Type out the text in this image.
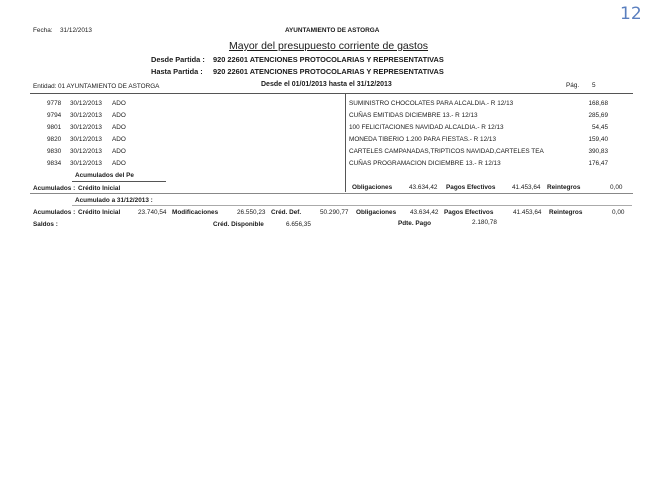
12
Fecha: 31/12/2013	AYUNTAMIENTO DE ASTORGA
Mayor del presupuesto corriente de gastos
Desde Partida : 920 22601 ATENCIONES PROTOCOLARIAS Y REPRESENTATIVAS
Hasta Partida : 920 22601 ATENCIONES PROTOCOLARIAS Y REPRESENTATIVAS
Entidad: 01 AYUNTAMIENTO DE ASTORGA	Desde el 01/01/2013 hasta el 31/12/2013	Pág. 5
9778 30/12/2013 ADO	SUMINISTRO CHOCOLATES PARA ALCALDIA.- R 12/13	168,68
9794 30/12/2013 ADO	CUÑAS EMITIDAS DICIEMBRE 13.- R 12/13	285,69
9801 30/12/2013 ADO	100 FELICITACIONES NAVIDAD ALCALDIA.- R 12/13	54,45
9820 30/12/2013 ADO	MONEDA TIBERIO 1.200 PARA FIESTAS.- R 12/13	159,40
9830 30/12/2013 ADO	CARTELES CAMPANADAS,TRIPTICOS NAVIDAD,CARTELES TEA	390,83
9834 30/12/2013 ADO	CUÑAS PROGRAMACION DICIEMBRE 13.- R 12/13	176,47
Acumulados del Pe
Acumulados : Crédito Inicial	Obligaciones	43.634,42 Pagos Efectivos	41.453,64 Reintegros	0,00
Acumulado a 31/12/2013 :
Acumulados : Crédito Inicial	23.740,54 Modificaciones	26.550,23 Créd. Def.	50.290,77 Obligaciones 43.634,42 Pagos Efectivos	41.453,64 Reintegros	0,00
Saldos :	Créd. Disponible	6.656,35	Pdte. Pago	2.180,78
